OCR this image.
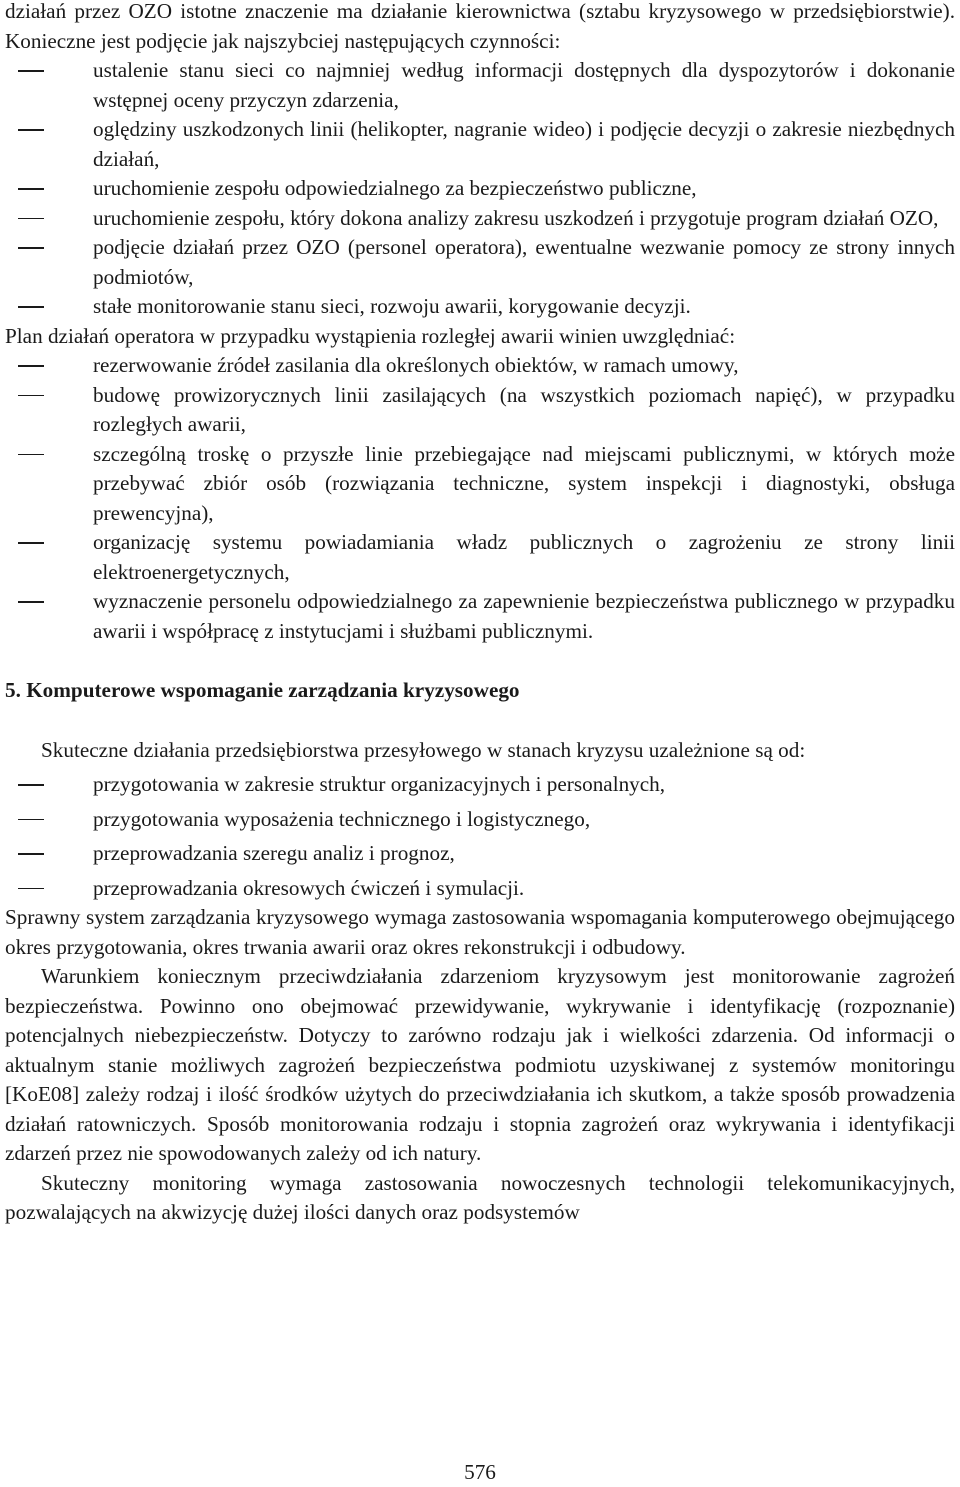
działań przez OZO istotne znaczenie ma działanie kierownictwa (sztabu kryzysowego w przedsiębiorstwie). Konieczne jest podjęcie jak najszybciej następujących czynności:

ustalenie stanu sieci co najmniej według informacji dostępnych dla dyspozytorów i dokonanie wstępnej oceny przyczyn zdarzenia,
oględziny uszkodzonych linii (helikopter, nagranie wideo) i podjęcie decyzji o zakresie niezbędnych działań,
uruchomienie zespołu odpowiedzialnego za bezpieczeństwo publiczne,
uruchomienie zespołu, który dokona analizy zakresu uszkodzeń i przygotuje program działań OZO,
podjęcie działań przez OZO (personel operatora), ewentualne wezwanie pomocy ze strony innych podmiotów,
stałe monitorowanie stanu sieci, rozwoju awarii, korygowanie decyzji.

Plan działań operatora w przypadku wystąpienia rozległej awarii winien uwzględniać:

rezerwowanie źródeł zasilania dla określonych obiektów, w ramach umowy,
budowę prowizorycznych linii zasilających (na wszystkich poziomach napięć), w przypadku rozległych awarii,
szczególną troskę o przyszłe linie przebiegające nad miejscami publicznymi, w których może przebywać zbiór osób (rozwiązania techniczne, system inspekcji i diagnostyki, obsługa prewencyjna),
organizację systemu powiadamiania władz publicznych o zagrożeniu ze strony linii elektroenergetycznych,
wyznaczenie personelu odpowiedzialnego za zapewnienie bezpieczeństwa publicznego w przypadku awarii i współpracę z instytucjami i służbami publicznymi.
5. Komputerowe wspomaganie zarządzania kryzysowego

Skuteczne działania przedsiębiorstwa przesyłowego w stanach kryzysu uzależnione są od:

przygotowania w zakresie struktur organizacyjnych i personalnych,
przygotowania wyposażenia technicznego i logistycznego,
przeprowadzania szeregu analiz i prognoz,
przeprowadzania okresowych ćwiczeń i symulacji.

Sprawny system zarządzania kryzysowego wymaga zastosowania wspomagania komputerowego obejmującego okres przygotowania, okres trwania awarii oraz okres rekonstrukcji i odbudowy.

Warunkiem koniecznym przeciwdziałania zdarzeniom kryzysowym jest monitorowanie zagrożeń bezpieczeństwa. Powinno ono obejmować przewidywanie, wykrywanie i identyfikację (rozpoznanie) potencjalnych niebezpieczeństw. Dotyczy to zarówno rodzaju jak i wielkości zdarzenia. Od informacji o aktualnym stanie możliwych zagrożeń bezpieczeństwa podmiotu uzyskiwanej z systemów monitoringu [KoE08] zależy rodzaj i ilość środków użytych do przeciwdziałania ich skutkom, a także sposób prowadzenia działań ratowniczych. Sposób monitorowania rodzaju i stopnia zagrożeń oraz wykrywania i identyfikacji zdarzeń przez nie spowodowanych zależy od ich natury.

Skuteczny monitoring wymaga zastosowania nowoczesnych technologii telekomunikacyjnych, pozwalających na akwizycję dużej ilości danych oraz podsystemów

576
